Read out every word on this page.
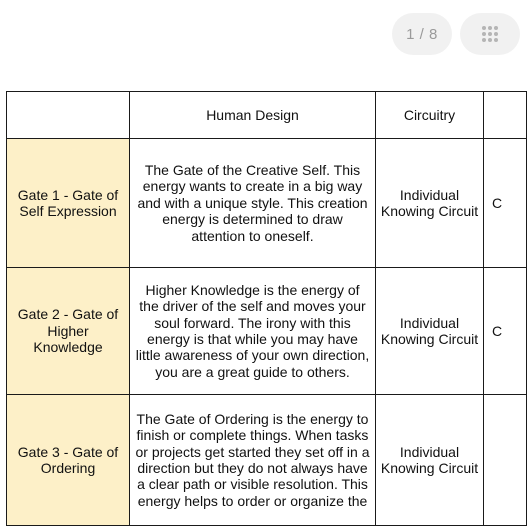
1 / 8
	Human Design	Circuitry	
Gate 1 - Gate of Self Expression	The Gate of the Creative Self. This energy wants to create in a big way and with a unique style. This creation energy is determined to draw attention to oneself.	Individual Knowing Circuit	C

Gate 2 - Gate of Higher Knowledge	Higher Knowledge is the energy of the driver of the self and moves your soul forward. The irony with this energy is that while you may have little awareness of your own direction, you are a great guide to others.	Individual Knowing Circuit	C

Gate 3 - Gate of Ordering	The Gate of Ordering is the energy to finish or complete things. When tasks or projects get started they set off in a direction but they do not always have a clear path or visible resolution. This energy helps to order or organize the	Individual Knowing Circuit	
